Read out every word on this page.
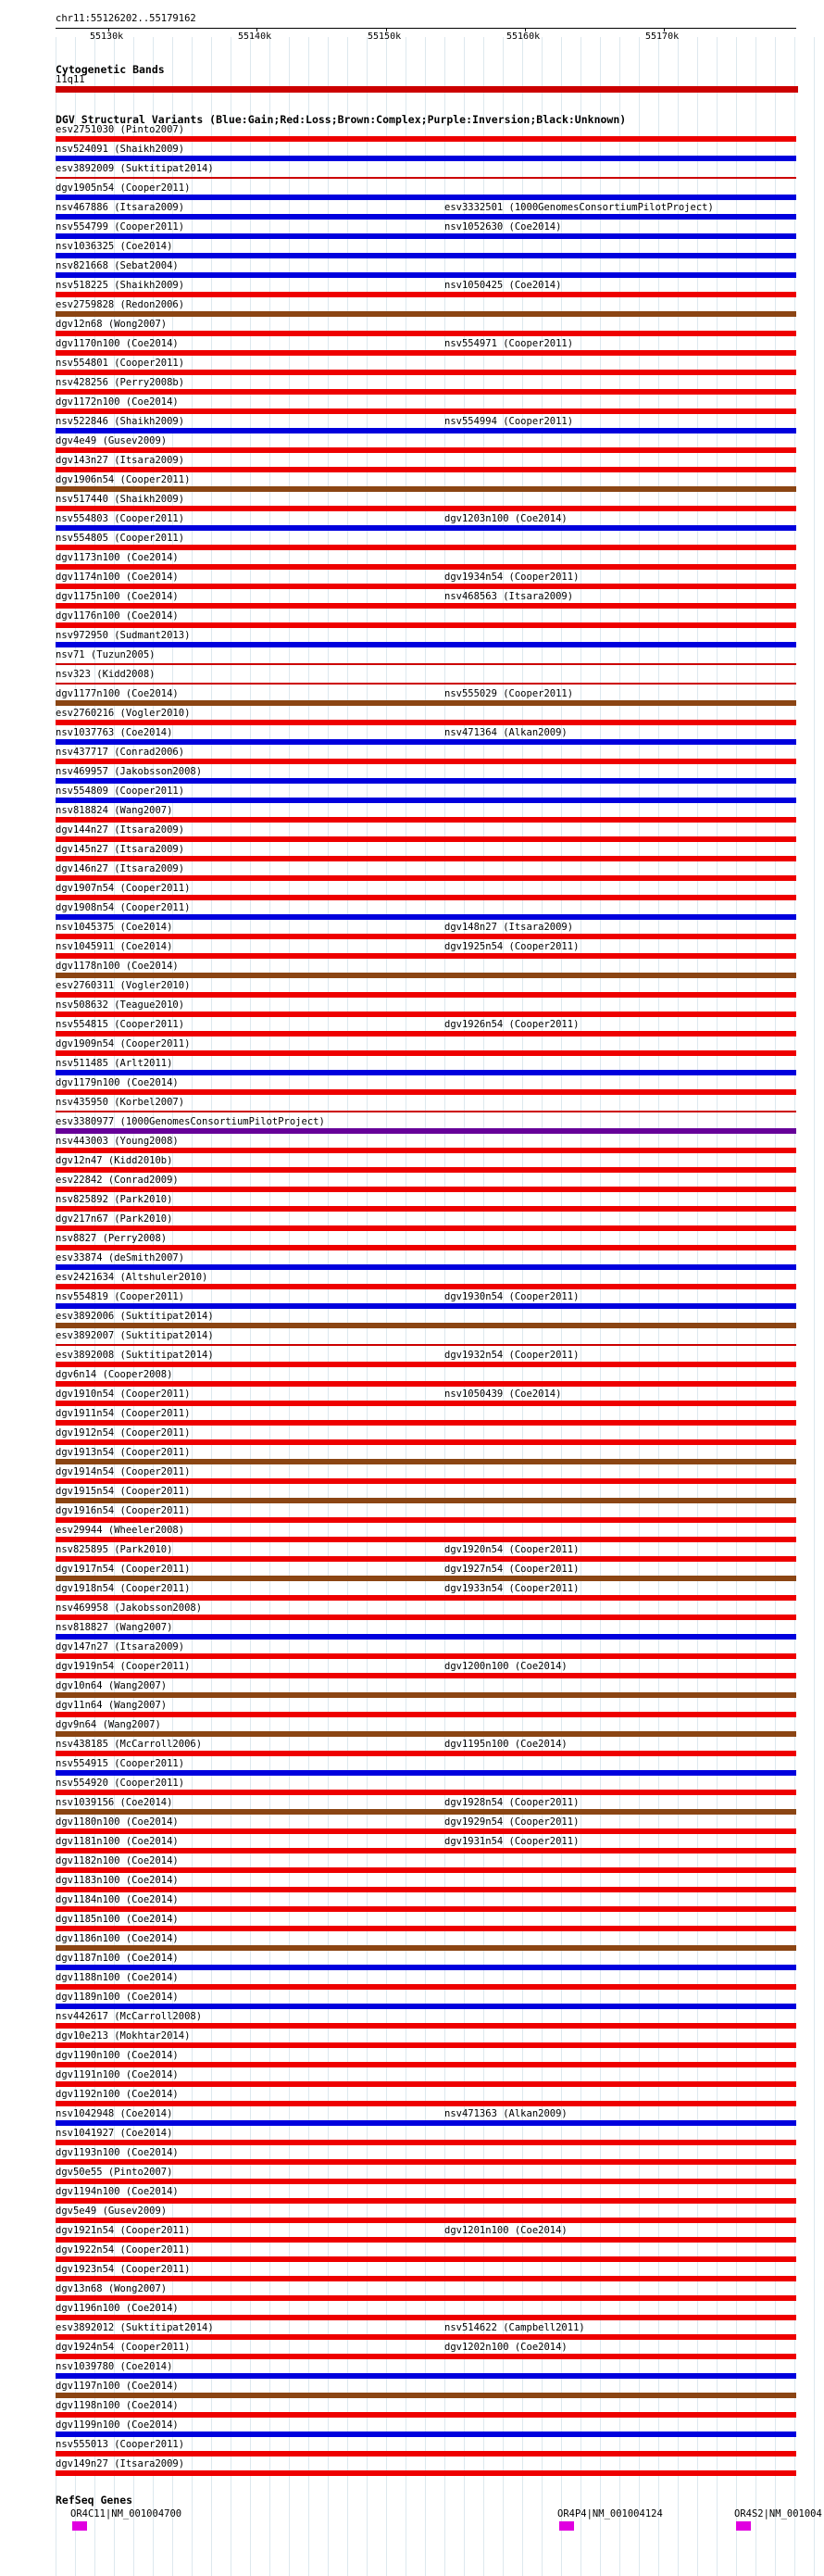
chr11:55126202..55179162
Cytogenetic Bands
11q11
DGV Structural Variants (Blue:Gain;Red:Loss;Brown:Complex;Purple:Inversion;Black:Unknown)
esv2751030 (Pinto2007)
nsv524091 (Shaikh2009)
esv3892009 (Suktitipat2014)
dgv1905n54 (Cooper2011)
nsv467886 (Itsara2009)	esv3332501 (1000GenomesConsortiumPilotProject)
nsv554799 (Cooper2011)	nsv1052630 (Coe2014)
nsv1036325 (Coe2014)
nsv821668 (Sebat2004)
nsv518225 (Shaikh2009)	nsv1050425 (Coe2014)
esv2759828 (Redon2006)
dgv12n68 (Wong2007)
dgv1170n100 (Coe2014)	nsv554971 (Cooper2011)
nsv554801 (Cooper2011)
nsv428256 (Perry2008b)
dgv1172n100 (Coe2014)
nsv522846 (Shaikh2009)	nsv554994 (Cooper2011)
dgv4e49 (Gusev2009)
dgv143n27 (Itsara2009)
dgv1906n54 (Cooper2011)
nsv517440 (Shaikh2009)
nsv554803 (Cooper2011)	dgv1203n100 (Coe2014)
nsv554805 (Cooper2011)
dgv1173n100 (Coe2014)
dgv1174n100 (Coe2014)	dgv1934n54 (Cooper2011)
dgv1175n100 (Coe2014)	nsv468563 (Itsara2009)
dgv1176n100 (Coe2014)
nsv972950 (Sudmant2013)
nsv71 (Tuzun2005)
nsv323 (Kidd2008)
dgv1177n100 (Coe2014)	nsv555029 (Cooper2011)
esv2760216 (Vogler2010)
nsv1037763 (Coe2014)	nsv471364 (Alkan2009)
nsv437717 (Conrad2006)
nsv469957 (Jakobsson2008)
nsv554809 (Cooper2011)
nsv818824 (Wang2007)
dgv144n27 (Itsara2009)
dgv145n27 (Itsara2009)
dgv146n27 (Itsara2009)
dgv1907n54 (Cooper2011)
dgv1908n54 (Cooper2011)
nsv1045375 (Coe2014)	dgv148n27 (Itsara2009)
nsv1045911 (Coe2014)	dgv1925n54 (Cooper2011)
dgv1178n100 (Coe2014)
esv2760311 (Vogler2010)
nsv508632 (Teague2010)
nsv554815 (Cooper2011)	dgv1926n54 (Cooper2011)
dgv1909n54 (Cooper2011)
nsv511485 (Arlt2011)
dgv1179n100 (Coe2014)
nsv435950 (Korbel2007)
esv3380977 (1000GenomesConsortiumPilotProject)
nsv443003 (Young2008)
dgv12n47 (Kidd2010b)
esv22842 (Conrad2009)
nsv825892 (Park2010)
dgv217n67 (Park2010)
nsv8827 (Perry2008)
esv33874 (deSmith2007)
esv2421634 (Altshuler2010)
nsv554819 (Cooper2011)	dgv1930n54 (Cooper2011)
esv3892006 (Suktitipat2014)
esv3892007 (Suktitipat2014)
esv3892008 (Suktitipat2014)	dgv1932n54 (Cooper2011)
dgv6n14 (Cooper2008)
dgv1910n54 (Cooper2011)	nsv1050439 (Coe2014)
dgv1911n54 (Cooper2011)
dgv1912n54 (Cooper2011)
dgv1913n54 (Cooper2011)
dgv1914n54 (Cooper2011)
dgv1915n54 (Cooper2011)
dgv1916n54 (Cooper2011)
esv29944 (Wheeler2008)
nsv825895 (Park2010)	dgv1920n54 (Cooper2011)
dgv1917n54 (Cooper2011)	dgv1927n54 (Cooper2011)
dgv1918n54 (Cooper2011)	dgv1933n54 (Cooper2011)
nsv469958 (Jakobsson2008)
nsv818827 (Wang2007)
dgv147n27 (Itsara2009)
dgv1919n54 (Cooper2011)	dgv1200n100 (Coe2014)
dgv10n64 (Wang2007)
dgv11n64 (Wang2007)
dgv9n64 (Wang2007)
nsv438185 (McCarroll2006)	dgv1195n100 (Coe2014)
nsv554915 (Cooper2011)
nsv554920 (Cooper2011)
nsv1039156 (Coe2014)	dgv1928n54 (Cooper2011)
dgv1180n100 (Coe2014)	dgv1929n54 (Cooper2011)
dgv1181n100 (Coe2014)	dgv1931n54 (Cooper2011)
dgv1182n100 (Coe2014)
dgv1183n100 (Coe2014)
dgv1184n100 (Coe2014)
dgv1185n100 (Coe2014)
dgv1186n100 (Coe2014)
dgv1187n100 (Coe2014)
dgv1188n100 (Coe2014)
dgv1189n100 (Coe2014)
nsv442617 (McCarroll2008)
dgv10e213 (Mokhtar2014)
dgv1190n100 (Coe2014)
dgv1191n100 (Coe2014)
dgv1192n100 (Coe2014)
nsv1042948 (Coe2014)	nsv471363 (Alkan2009)
nsv1041927 (Coe2014)
dgv1193n100 (Coe2014)
dgv50e55 (Pinto2007)
dgv1194n100 (Coe2014)
dgv5e49 (Gusev2009)
dgv1921n54 (Cooper2011)	dgv1201n100 (Coe2014)
dgv1922n54 (Cooper2011)
dgv1923n54 (Cooper2011)
dgv13n68 (Wong2007)
dgv1196n100 (Coe2014)
esv3892012 (Suktitipat2014)	nsv514622 (Campbell2011)
dgv1924n54 (Cooper2011)	dgv1202n100 (Coe2014)
nsv1039780 (Coe2014)
dgv1197n100 (Coe2014)
dgv1198n100 (Coe2014)
dgv1199n100 (Coe2014)
nsv555013 (Cooper2011)
dgv149n27 (Itsara2009)
RefSeq Genes
OR4C11|NM_001004700	OR4P4|NM_001004124	OR4S2|NM_001004
55130k	55140k	55150k	55160k	55170k
